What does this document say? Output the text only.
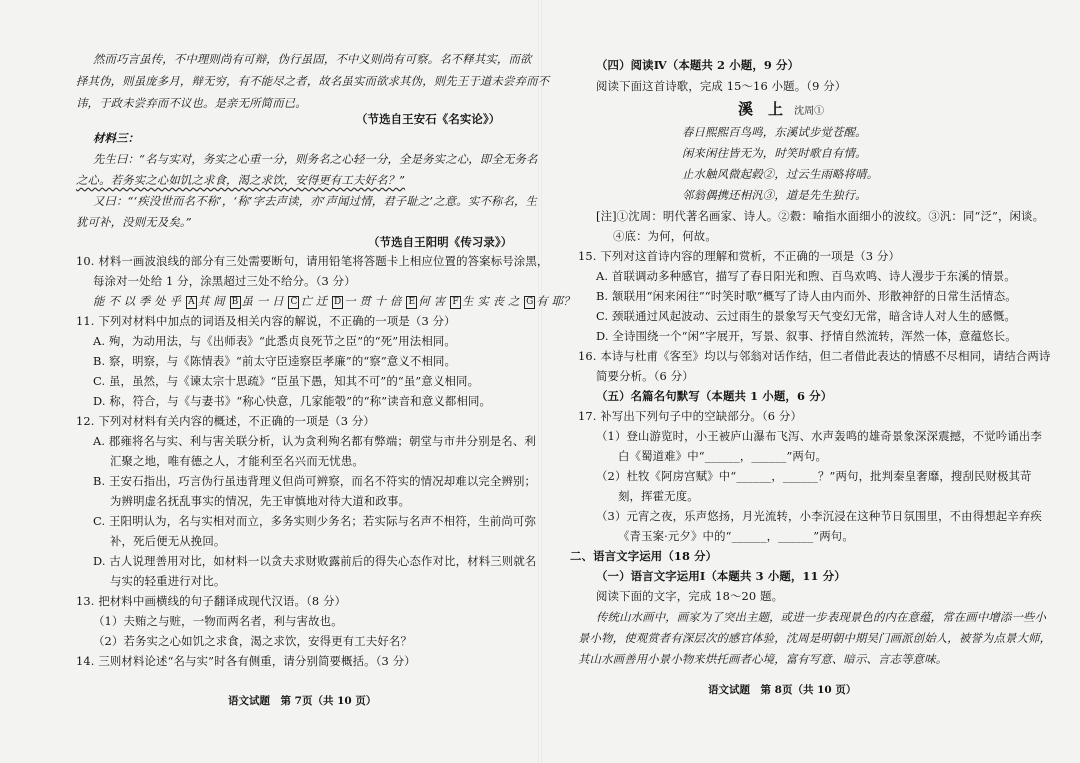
然而巧言虽传，不中理则尚有可辩，伪行虽固，不中义则尚有可察。名不释其实，而欲
择其伪，则虽庞多月，辩无穷，有不能尽之者，故名虽实而欲求其伪，则先王于道未尝弃而不
讳，于政未尝弃而不议也。是亲无所简而已。
（节选自王安石《名实论》）
材料三：
先生曰：“名与实对，务实之心重一分，则务名之心轻一分，全是务实之心，即全无务名
之心。若务实之心如饥之求食，渴之求饮，安得更有工夫好名？”
又曰：“‘疾没世而名不称’，‘称’字去声读，亦‘声闻过情，君子耻之’之意。实不称名，生
犹可补，没则无及矣。”
（节选自王阳明《传习录》）
10. 材料一画波浪线的部分有三处需要断句，请用铅笔将答题卡上相应位置的答案标号涂黑，
每涂对一处给 1 分，涂黑超过三处不给分。（3 分）
能 不 以 季 处 乎 A 其 间 B 虽 一 日 C 亡 迁 D 一 贯 十 倍 E 何 害 F 生 实 丧 之 G 有 耶？
11. 下列对材料中加点的词语及相关内容的解说，不正确的一项是（3 分）
A. 殉，为动用法，与《出师表》“此悉贞良死节之臣”的“死”用法相同。
B. 察，明察，与《陈情表》“前太守臣逵察臣孝廉”的“察”意义不相同。
C. 虽，虽然，与《谏太宗十思疏》“臣虽下愚，知其不可”的“虽”意义相同。
D. 称，符合，与《与妻书》“称心快意，几家能彀”的“称”读音和意义都相同。
12. 下列对材料有关内容的概述，不正确的一项是（3 分）
A. 郡雍将名与实、利与害关联分析，认为贪利殉名都有弊端；朝堂与市井分别是名、利
汇聚之地，唯有德之人，才能利至名兴而无忧患。
B. 王安石指出，巧言伪行虽违背理义但尚可辨察，而名不符实的情况却难以完全辨别；
为辨明虚名抚乱事实的情况，先王审慎地对待大道和政事。
C. 王阳明认为，名与实相对而立，多务实则少务名；若实际与名声不相符，生前尚可弥
补，死后便无从挽回。
D. 古人说理善用对比，如材料一以贪夫求财败露前后的得失心态作对比，材料三则就名
与实的轻重进行对比。
13. 把材料中画横线的句子翻译成现代汉语。（8 分）
（1）夫贿之与赃，一物而两名者，利与害故也。
（2）若务实之心如饥之求食，渴之求饮，安得更有工夫好名？
14. 三则材料论述“名与实”时各有侧重，请分别简要概括。（3 分）
语文试题　第 7页（共 10 页）
（四）阅读Ⅳ（本题共 2 小题，9 分）
阅读下面这首诗歌，完成 15～16 小题。（9 分）
溪　上 沈周①
春日熙熙百鸟鸣，东溪试步觉苍醒。
闲来闲往皆无为，时笑时歌自有情。
止水触风微起毂②，过云生雨略将晴。
邻翁偶携还相汎③，道是先生独行。
[注]①沈周：明代著名画家、诗人。②縠：喻指水面细小的波纹。③汎：同“泛”，闲谈。
④底：为何，何故。
15. 下列对这首诗内容的理解和赏析，不正确的一项是（3 分）
A. 首联调动多种感官，描写了春日阳光和煦、百鸟欢鸣、诗人漫步于东溪的情景。
B. 颔联用“闲来闲往”“时笑时歌”概写了诗人由内而外、形散神舒的日常生活情态。
C. 颈联通过风起波动、云过雨生的景象写天气变幻无常，暗含诗人对人生的感慨。
D. 全诗围绕一个“闲”字展开，写景、叙事、抒情自然流转，浑然一体，意蕴悠长。
16. 本诗与杜甫《客至》均以与邻翁对话作结，但二者借此表达的情感不尽相同，请结合两诗
简要分析。（6 分）
（五）名篇名句默写（本题共 1 小题，6 分）
17. 补写出下列句子中的空缺部分。（6 分）
（1）登山游览时，小王被庐山瀑布飞泻、水声轰鸣的雄奇景象深深震撼，不觉吟诵出李
白《蜀道难》中“______，______”两句。
（2）杜牧《阿房宫赋》中“______，______？”两句，批判秦皇奢靡，搜刮民财极其苛
刻，挥霍无度。
（3）元宵之夜，乐声悠扬，月光流转，小李沉浸在这种节日氛围里，不由得想起辛弃疾
《青玉案·元夕》中的“______，______”两句。
二、语言文字运用（18 分）
（一）语言文字运用Ⅰ（本题共 3 小题，11 分）
阅读下面的文字，完成 18～20 题。
传统山水画中，画家为了突出主题，或进一步表现景色的内在意蕴，常在画中增添一些小
景小物，使观赏者有深层次的感官体验，沈周是明朝中期吴门画派创始人，被誉为点景大师，
其山水画善用小景小物来烘托画者心境，富有写意、暗示、言志等意味。
语文试题　第 8页（共 10 页）
